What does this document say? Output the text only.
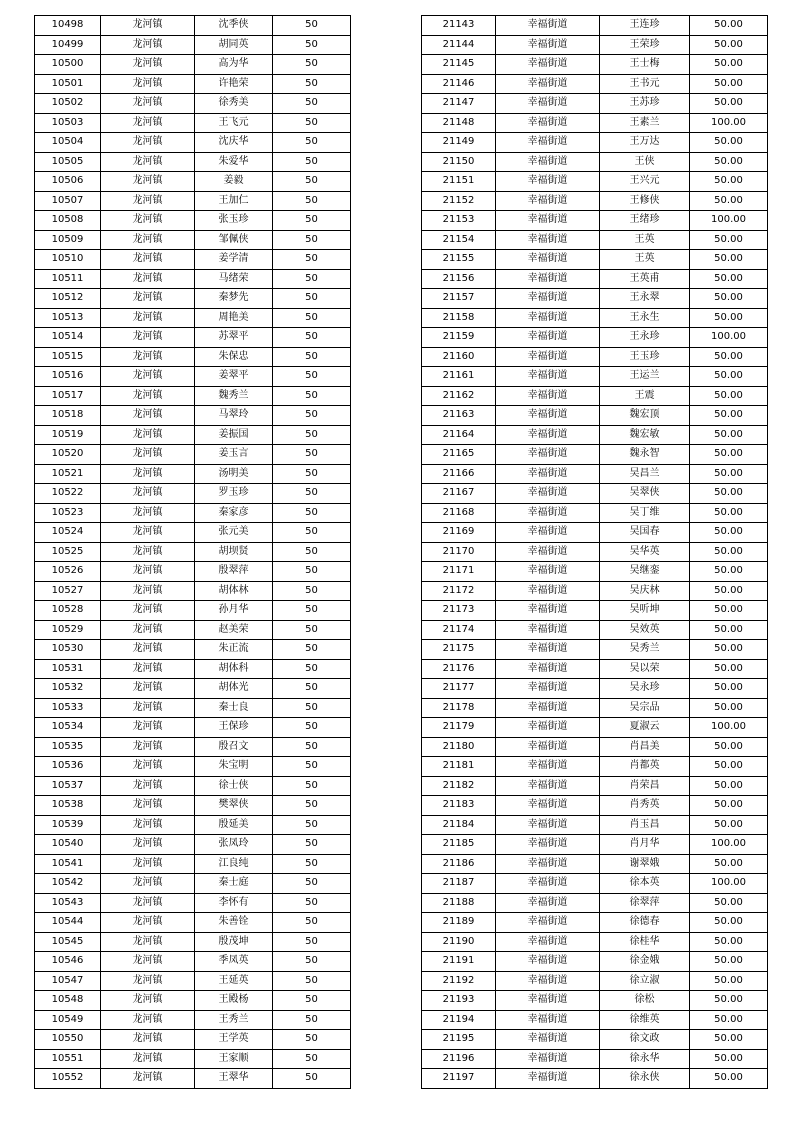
10498	龙河镇	沈季侠	50
10499	龙河镇	胡同英	50
10500	龙河镇	高为华	50
10501	龙河镇	许艳荣	50
10502	龙河镇	徐秀美	50
10503	龙河镇	王飞元	50
10504	龙河镇	沈庆华	50
10505	龙河镇	朱爱华	50
10506	龙河镇	姜毅	50
10507	龙河镇	王加仁	50
10508	龙河镇	张玉珍	50
10509	龙河镇	邹佩侠	50
10510	龙河镇	姜学清	50
10511	龙河镇	马绪荣	50
10512	龙河镇	秦梦先	50
10513	龙河镇	周艳美	50
10514	龙河镇	苏翠平	50
10515	龙河镇	朱保忠	50
10516	龙河镇	姜翠平	50
10517	龙河镇	魏秀兰	50
10518	龙河镇	马翠玲	50
10519	龙河镇	姜振国	50
10520	龙河镇	姜玉言	50
10521	龙河镇	汤明美	50
10522	龙河镇	罗玉珍	50
10523	龙河镇	秦家彦	50
10524	龙河镇	张元美	50
10525	龙河镇	胡坝贤	50
10526	龙河镇	殷翠萍	50
10527	龙河镇	胡体林	50
10528	龙河镇	孙月华	50
10529	龙河镇	赵美荣	50
10530	龙河镇	朱正流	50
10531	龙河镇	胡体科	50
10532	龙河镇	胡体光	50
10533	龙河镇	秦士良	50
10534	龙河镇	王保珍	50
10535	龙河镇	殷召文	50
10536	龙河镇	朱宝明	50
10537	龙河镇	徐士侠	50
10538	龙河镇	樊翠侠	50
10539	龙河镇	殷延美	50
10540	龙河镇	张凤玲	50
10541	龙河镇	江良纯	50
10542	龙河镇	秦士庭	50
10543	龙河镇	李怀有	50
10544	龙河镇	朱善铨	50
10545	龙河镇	殷茂坤	50
10546	龙河镇	季凤英	50
10547	龙河镇	王延英	50
10548	龙河镇	王殿杨	50
10549	龙河镇	王秀兰	50
10550	龙河镇	王学英	50
10551	龙河镇	王家顺	50
10552	龙河镇	王翠华	50
21143	幸福街道	王连珍	50.00
21144	幸福街道	王荣珍	50.00
21145	幸福街道	王士梅	50.00
21146	幸福街道	王书元	50.00
21147	幸福街道	王苏珍	50.00
21148	幸福街道	王素兰	100.00
21149	幸福街道	王万达	50.00
21150	幸福街道	王侠	50.00
21151	幸福街道	王兴元	50.00
21152	幸福街道	王修侠	50.00
21153	幸福街道	王绪珍	100.00
21154	幸福街道	王英	50.00
21155	幸福街道	王英	50.00
21156	幸福街道	王英甫	50.00
21157	幸福街道	王永翠	50.00
21158	幸福街道	王永生	50.00
21159	幸福街道	王永珍	100.00
21160	幸福街道	王玉珍	50.00
21161	幸福街道	王运兰	50.00
21162	幸福街道	王震	50.00
21163	幸福街道	魏宏顶	50.00
21164	幸福街道	魏宏敏	50.00
21165	幸福街道	魏永智	50.00
21166	幸福街道	吴昌兰	50.00
21167	幸福街道	吴翠侠	50.00
21168	幸福街道	吴丁维	50.00
21169	幸福街道	吴国春	50.00
21170	幸福街道	吴华英	50.00
21171	幸福街道	吴继銮	50.00
21172	幸福街道	吴庆林	50.00
21173	幸福街道	吴听坤	50.00
21174	幸福街道	吴效英	50.00
21175	幸福街道	吴秀兰	50.00
21176	幸福街道	吴以荣	50.00
21177	幸福街道	吴永珍	50.00
21178	幸福街道	吴宗品	50.00
21179	幸福街道	夏淑云	100.00
21180	幸福街道	肖昌美	50.00
21181	幸福街道	肖都英	50.00
21182	幸福街道	肖荣昌	50.00
21183	幸福街道	肖秀英	50.00
21184	幸福街道	肖玉昌	50.00
21185	幸福街道	肖月华	100.00
21186	幸福街道	谢翠娥	50.00
21187	幸福街道	徐本英	100.00
21188	幸福街道	徐翠萍	50.00
21189	幸福街道	徐德春	50.00
21190	幸福街道	徐桂华	50.00
21191	幸福街道	徐金娥	50.00
21192	幸福街道	徐立淑	50.00
21193	幸福街道	徐松	50.00
21194	幸福街道	徐维英	50.00
21195	幸福街道	徐文政	50.00
21196	幸福街道	徐永华	50.00
21197	幸福街道	徐永侠	50.00
